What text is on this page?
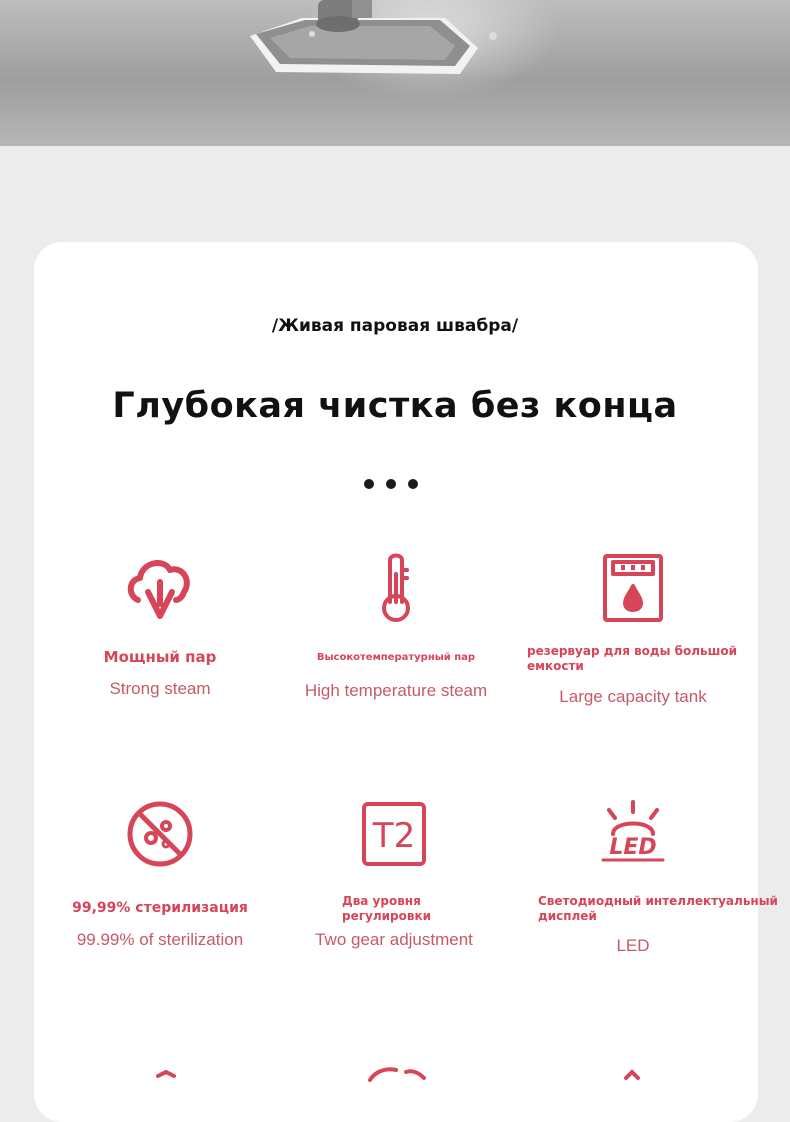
/Живая паровая швабра/
Глубокая чистка без конца
Мощный пар
Strong steam
Высокотемпературный пар
High temperature steam
резервуар для воды большой емкости
Large capacity tank
99,99% стерилизация
99.99% of sterilization
T2
Два уровня регулировки
Two gear adjustment
LED
Светодиодный интеллектуальный дисплей
LED
